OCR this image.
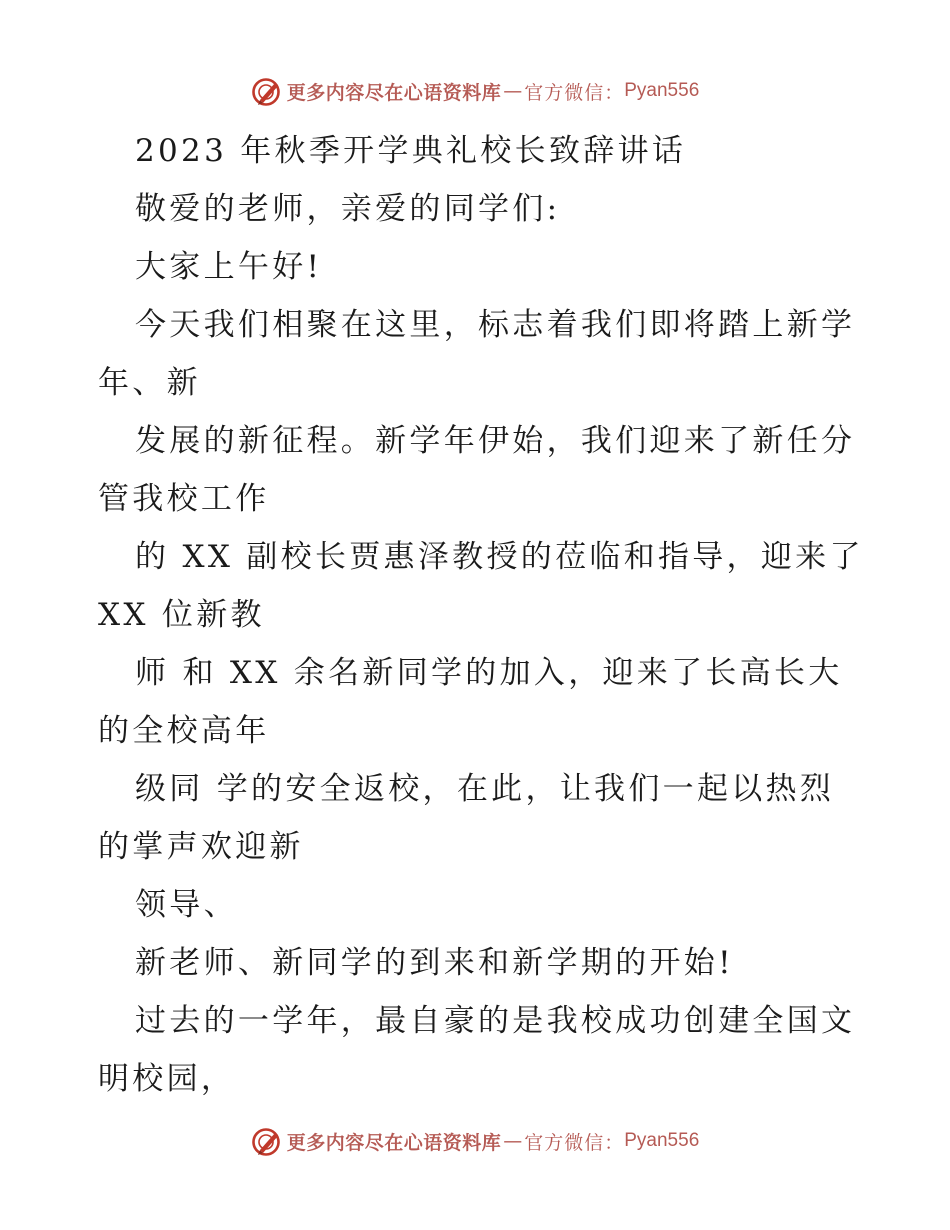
更多内容尽在心语资料库 — 官方微信： Pyan556
2023 年秋季开学典礼校长致辞讲话
敬爱的老师，亲爱的同学们:
大家上午好!
今天我们相聚在这里，标志着我们即将踏上新学
年、新
发展的新征程。新学年伊始，我们迎来了新任分
管我校工作
的 XX 副校长贾惠泽教授的莅临和指导，迎来了
XX 位新教
师 和 XX 余名新同学的加入，迎来了长高长大
的全校高年
级同 学的安全返校，在此，让我们一起以热烈
的掌声欢迎新
领导、
新老师、新同学的到来和新学期的开始!
过去的一学年，最自豪的是我校成功创建全国文
明校园，
更多内容尽在心语资料库 — 官方微信： Pyan556
